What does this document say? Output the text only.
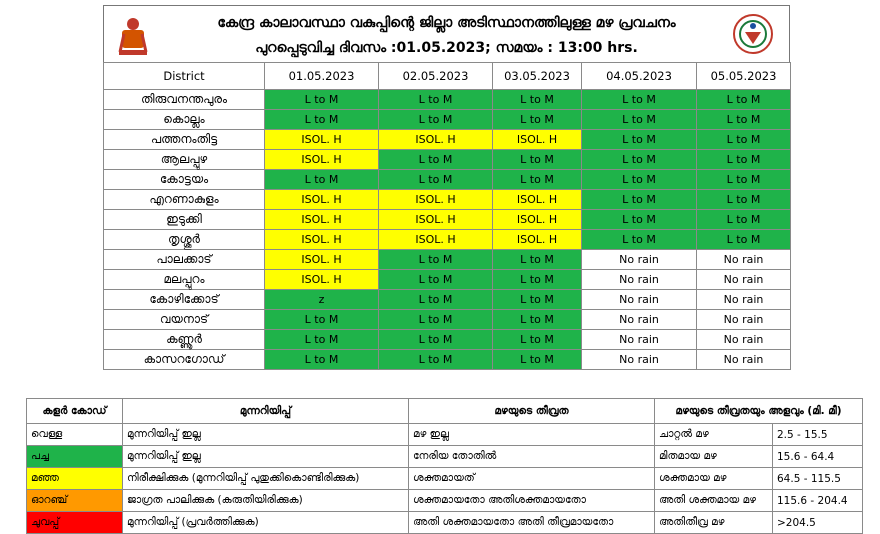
കേന്ദ്ര കാലാവസ്ഥാ വകുപ്പിന്റെ ജില്ലാ അടിസ്ഥാനത്തിലുള്ള മഴ പ്രവചനം
പുറപ്പെടുവിച്ച ദിവസം :01.05.2023; സമയം : 13:00 hrs.
District	01.05.2023	02.05.2023	03.05.2023	04.05.2023	05.05.2023
തിരുവനന്തപുരം	L to M	L to M	L to M	L to M	L to M
കൊല്ലം	L to M	L to M	L to M	L to M	L to M
പത്തനംതിട്ട	ISOL. H	ISOL. H	ISOL. H	L to M	L to M
ആലപ്പുഴ	ISOL. H	L to M	L to M	L to M	L to M
കോട്ടയം	L to M	L to M	L to M	L to M	L to M
എറണാകുളം	ISOL. H	ISOL. H	ISOL. H	L to M	L to M
ഇടുക്കി	ISOL. H	ISOL. H	ISOL. H	L to M	L to M
തൃശ്ശൂർ	ISOL. H	ISOL. H	ISOL. H	L to M	L to M
പാലക്കാട്	ISOL. H	L to M	L to M	No rain	No rain
മലപ്പുറം	ISOL. H	L to M	L to M	No rain	No rain
കോഴിക്കോട്	z	L to M	L to M	No rain	No rain
വയനാട്	L to M	L to M	L to M	No rain	No rain
കണ്ണൂർ	L to M	L to M	L to M	No rain	No rain
കാസറഗോഡ്	L to M	L to M	L to M	No rain	No rain
കളർ കോഡ്	മുന്നറിയിപ്പ്	മഴയുടെ തീവ്രത	മഴയുടെ തീവ്രതയും അളവും (മി. മീ)	
വെള്ള	മുന്നറിയിപ്പ് ഇല്ല	മഴ ഇല്ല	ചാറ്റൽ മഴ	2.5 - 15.5
പച്ച	മുന്നറിയിപ്പ് ഇല്ല	നേരിയ തോതിൽ	മിതമായ മഴ	15.6 - 64.4
മഞ്ഞ	നിരീക്ഷിക്കുക (മുന്നറിയിപ്പ് പുതുക്കികൊണ്ടിരിക്കുക)	ശക്തമായത്	ശക്തമായ മഴ	64.5 - 115.5
ഓറഞ്ച്	ജാഗ്രത പാലിക്കുക (കരുതിയിരിക്കുക)	ശക്തമായതോ അതിശക്തമായതോ	അതി ശക്തമായ മഴ	115.6 - 204.4
ചുവപ്പ്	മുന്നറിയിപ്പ് (പ്രവർത്തിക്കുക)	അതി ശക്തമായതോ അതി തീവ്രമായതോ	അതിതീവ്ര മഴ	>204.5
